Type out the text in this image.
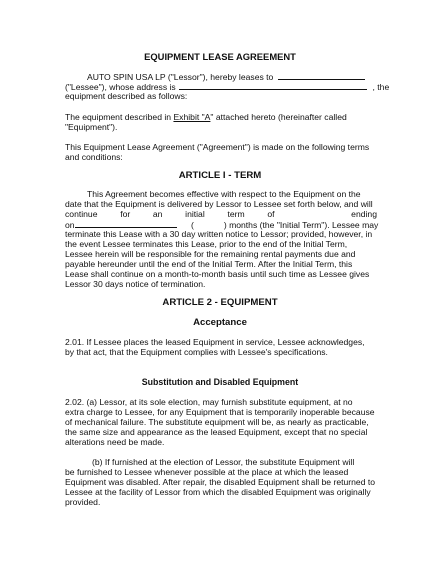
EQUIPMENT LEASE AGREEMENT
AUTO SPIN USA LP ("Lessor"), hereby leases to
("Lessee"), whose address is	, the
equipment described as follows:
The equipment described in Exhibit "A" attached hereto (hereinafter called
"Equipment").
This Equipment Lease Agreement ("Agreement") is made on the following terms
and conditions:
ARTICLE I - TERM
This Agreement becomes effective with respect to the Equipment on the
date that the Equipment is delivered by Lessor to Lessee set forth below, and will
continue	for	an	initial	term	of	ending
on	(	) months (the "Initial Term"). Lessee may
terminate this Lease with a 30 day written notice to Lessor; provided, however, in
the event Lessee terminates this Lease, prior to the end of the Initial Term,
Lessee herein will be responsible for the remaining rental payments due and
payable hereunder until the end of the Initial Term. After the Initial Term, this
Lease shall continue on a month-to-month basis until such time as Lessee gives
Lessor 30 days notice of termination.
ARTICLE 2 - EQUIPMENT
Acceptance
2.01. If Lessee places the leased Equipment in service, Lessee acknowledges,
by that act, that the Equipment complies with Lessee's specifications.
Substitution and Disabled Equipment
2.02. (a) Lessor, at its sole election, may furnish substitute equipment, at no
extra charge to Lessee, for any Equipment that is temporarily inoperable because
of mechanical failure. The substitute equipment will be, as nearly as practicable,
the same size and appearance as the leased Equipment, except that no special
alterations need be made.
(b) If furnished at the election of Lessor, the substitute Equipment will
be furnished to Lessee whenever possible at the place at which the leased
Equipment was disabled. After repair, the disabled Equipment shall be returned to
Lessee at the facility of Lessor from which the disabled Equipment was originally
provided.
